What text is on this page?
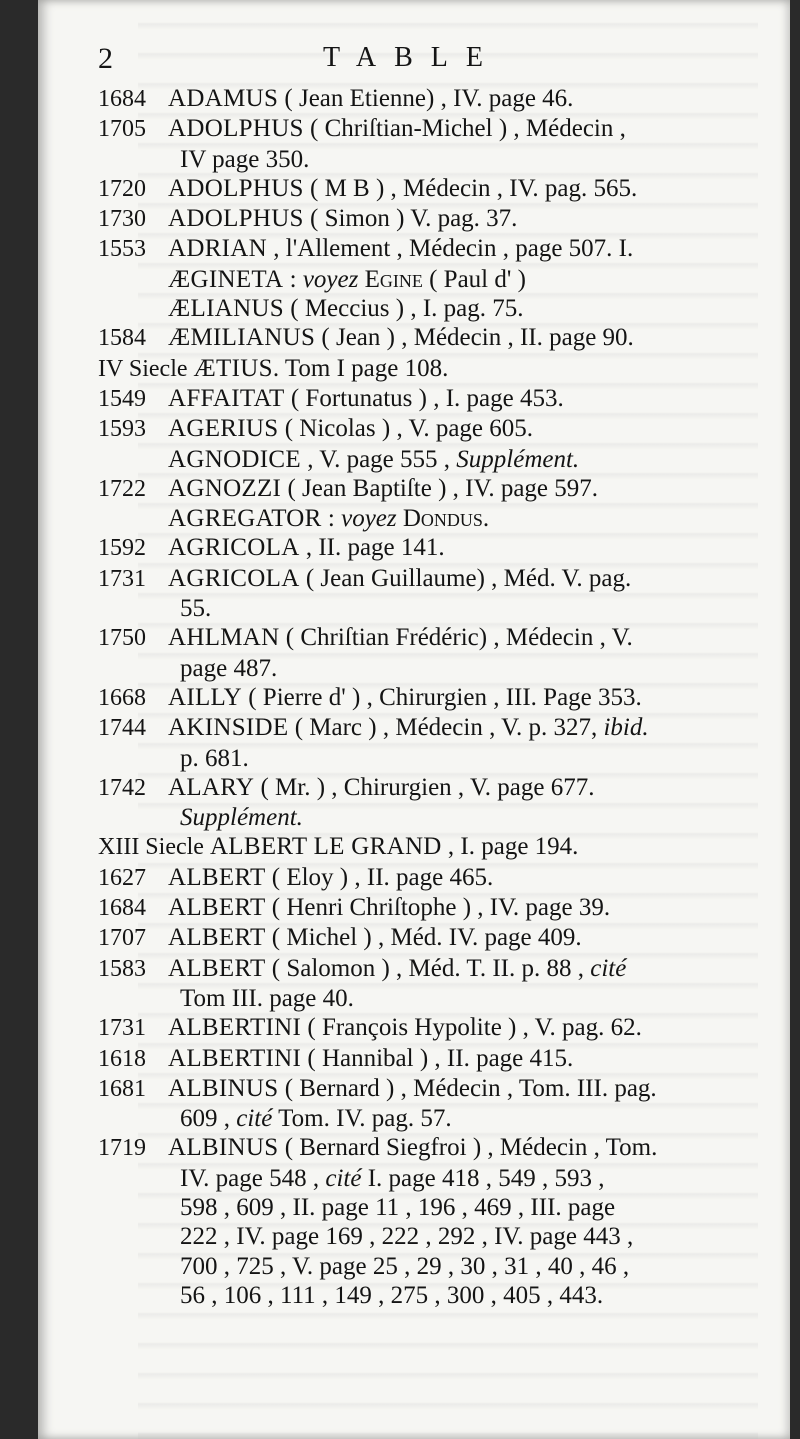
2	TABLE
1684 ADAMUS ( Jean Etienne) , IV. page 46.
1705 ADOLPHUS ( Chriſtian-Michel ) , Médecin ,
IV page 350.
1720 ADOLPHUS ( M B ) , Médecin , IV. pag. 565.
1730 ADOLPHUS ( Simon ) V. pag. 37.
1553 ADRIAN , l'Allement , Médecin , page 507. I.
ÆGINETA : voyez Egine ( Paul d' )
ÆLIANUS ( Meccius ) , I. pag. 75.
1584 ÆMILIANUS ( Jean ) , Médecin , II. page 90.
IV Siecle ÆTIUS. Tom I page 108.
1549 AFFAITAT ( Fortunatus ) , I. page 453.
1593 AGERIUS ( Nicolas ) , V. page 605.
AGNODICE , V. page 555 , Supplément.
1722 AGNOZZI ( Jean Baptiſte ) , IV. page 597.
AGREGATOR : voyez Dondus.
1592 AGRICOLA , II. page 141.
1731 AGRICOLA ( Jean Guillaume) , Méd. V. pag.
55.
1750 AHLMAN ( Chriſtian Frédéric) , Médecin , V.
page 487.
1668 AILLY ( Pierre d' ) , Chirurgien , III. Page 353.
1744 AKINSIDE ( Marc ) , Médecin , V. p. 327, ibid.
p. 681.
1742 ALARY ( Mr. ) , Chirurgien , V. page 677.
Supplément.
XIII Siecle ALBERT LE GRAND , I. page 194.
1627 ALBERT ( Eloy ) , II. page 465.
1684 ALBERT ( Henri Chriſtophe ) , IV. page 39.
1707 ALBERT ( Michel ) , Méd. IV. page 409.
1583 ALBERT ( Salomon ) , Méd. T. II. p. 88 , cité
Tom III. page 40.
1731 ALBERTINI ( François Hypolite ) , V. pag. 62.
1618 ALBERTINI ( Hannibal ) , II. page 415.
1681 ALBINUS ( Bernard ) , Médecin , Tom. III. pag.
609 , cité Tom. IV. pag. 57.
1719 ALBINUS ( Bernard Siegfroi ) , Médecin , Tom.
IV. page 548 , cité I. page 418 , 549 , 593 ,
598 , 609 , II. page 11 , 196 , 469 , III. page
222 , IV. page 169 , 222 , 292 , IV. page 443 ,
700 , 725 , V. page 25 , 29 , 30 , 31 , 40 , 46 ,
56 , 106 , 111 , 149 , 275 , 300 , 405 , 443.
